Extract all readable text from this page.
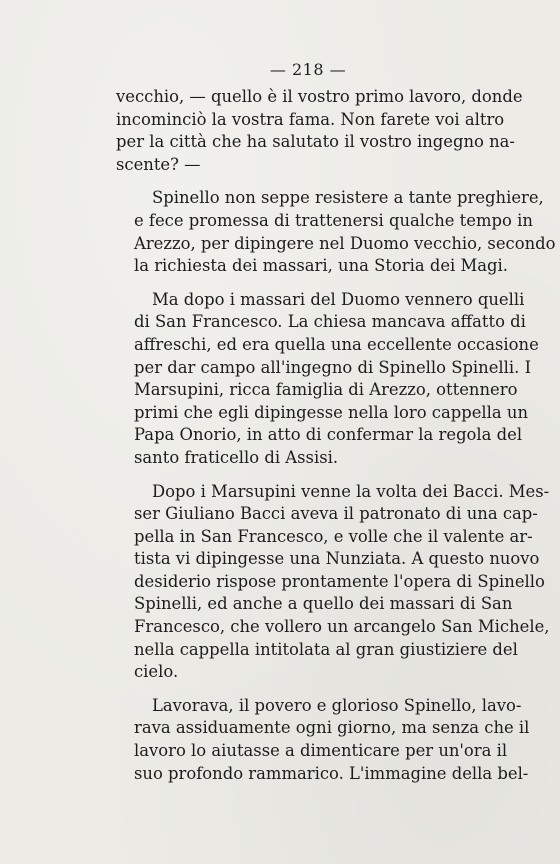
— 218 —

vecchio, — quello è il vostro primo lavoro, donde
incominciò la vostra fama. Non farete voi altro
per la città che ha salutato il vostro ingegno na-
scente? —

Spinello non seppe resistere a tante preghiere,
e fece promessa di trattenersi qualche tempo in
Arezzo, per dipingere nel Duomo vecchio, secondo
la richiesta dei massari, una Storia dei Magi.

Ma dopo i massari del Duomo vennero quelli
di San Francesco. La chiesa mancava affatto di
affreschi, ed era quella una eccellente occasione
per dar campo all'ingegno di Spinello Spinelli. I
Marsupini, ricca famiglia di Arezzo, ottennero
primi che egli dipingesse nella loro cappella un
Papa Onorio, in atto di confermar la regola del
santo fraticello di Assisi.

Dopo i Marsupini venne la volta dei Bacci. Mes-
ser Giuliano Bacci aveva il patronato di una cap-
pella in San Francesco, e volle che il valente ar-
tista vi dipingesse una Nunziata. A questo nuovo
desiderio rispose prontamente l'opera di Spinello
Spinelli, ed anche a quello dei massari di San
Francesco, che vollero un arcangelo San Michele,
nella cappella intitolata al gran giustiziere del
cielo.

Lavorava, il povero e glorioso Spinello, lavo-
rava assiduamente ogni giorno, ma senza che il
lavoro lo aiutasse a dimenticare per un'ora il
suo profondo rammarico. L'immagine della bel-
